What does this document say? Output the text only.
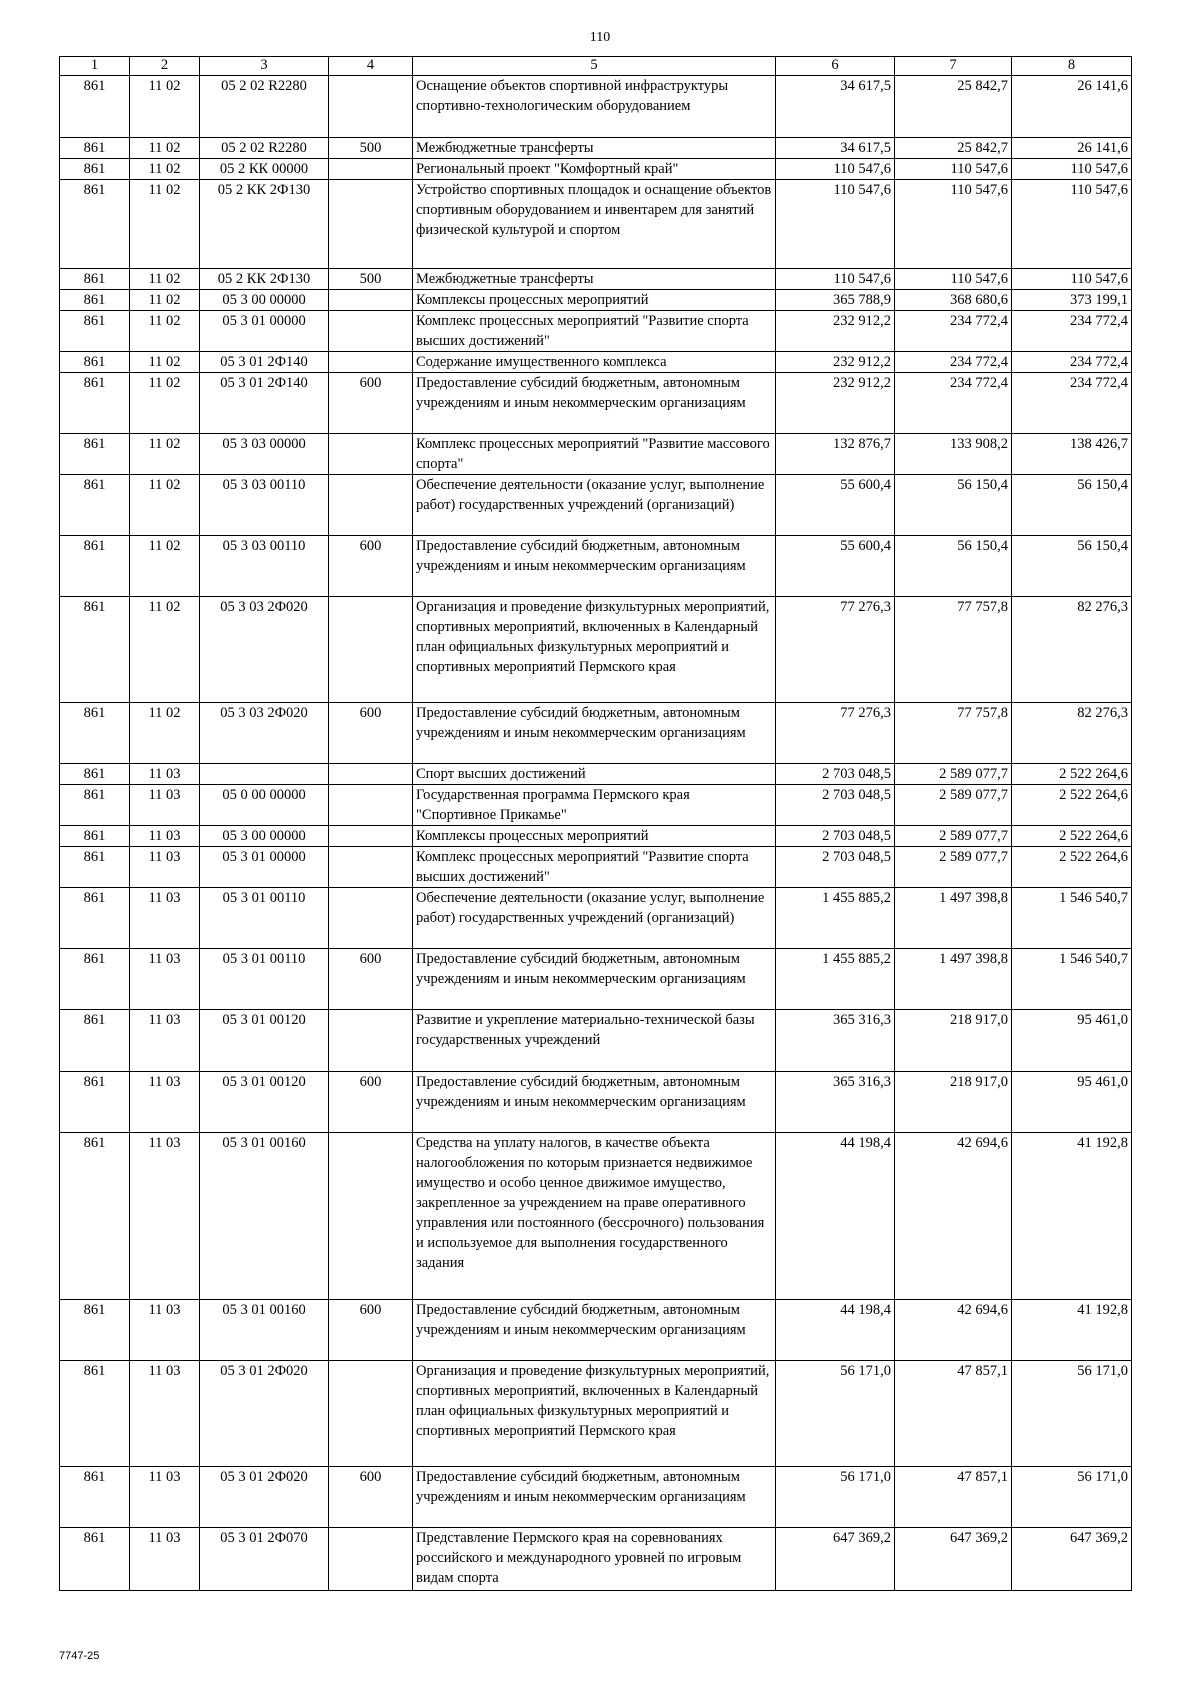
110
1	2	3	4	5	6	7	8
861	11 02	05 2 02 R2280		Оснащение объектов спортивной инфраструктуры спортивно-технологическим оборудованием	34 617,5	25 842,7	26 141,6
861	11 02	05 2 02 R2280	500	Межбюджетные трансферты	34 617,5	25 842,7	26 141,6
861	11 02	05 2 КК 00000		Региональный проект "Комфортный край"	110 547,6	110 547,6	110 547,6
861	11 02	05 2 КК 2Ф130		Устройство спортивных площадок и оснащение объектов спортивным оборудованием и инвентарем для занятий физической культурой и спортом	110 547,6	110 547,6	110 547,6
861	11 02	05 2 КК 2Ф130	500	Межбюджетные трансферты	110 547,6	110 547,6	110 547,6
861	11 02	05 3 00 00000		Комплексы процессных мероприятий	365 788,9	368 680,6	373 199,1
861	11 02	05 3 01 00000		Комплекс процессных мероприятий "Развитие спорта высших достижений"	232 912,2	234 772,4	234 772,4
861	11 02	05 3 01 2Ф140		Содержание имущественного комплекса	232 912,2	234 772,4	234 772,4
861	11 02	05 3 01 2Ф140	600	Предоставление субсидий бюджетным, автономным учреждениям и иным некоммерческим организациям	232 912,2	234 772,4	234 772,4
861	11 02	05 3 03 00000		Комплекс процессных мероприятий "Развитие массового спорта"	132 876,7	133 908,2	138 426,7
861	11 02	05 3 03 00110		Обеспечение деятельности (оказание услуг, выполнение работ) государственных учреждений (организаций)	55 600,4	56 150,4	56 150,4
861	11 02	05 3 03 00110	600	Предоставление субсидий бюджетным, автономным учреждениям и иным некоммерческим организациям	55 600,4	56 150,4	56 150,4
861	11 02	05 3 03 2Ф020		Организация и проведение физкультурных мероприятий, спортивных мероприятий, включенных в Календарный план официальных физкультурных мероприятий и спортивных мероприятий Пермского края	77 276,3	77 757,8	82 276,3
861	11 02	05 3 03 2Ф020	600	Предоставление субсидий бюджетным, автономным учреждениям и иным некоммерческим организациям	77 276,3	77 757,8	82 276,3
861	11 03			Спорт высших достижений	2 703 048,5	2 589 077,7	2 522 264,6
861	11 03	05 0 00 00000		Государственная программа Пермского края "Спортивное Прикамье"	2 703 048,5	2 589 077,7	2 522 264,6
861	11 03	05 3 00 00000		Комплексы процессных мероприятий	2 703 048,5	2 589 077,7	2 522 264,6
861	11 03	05 3 01 00000		Комплекс процессных мероприятий "Развитие спорта высших достижений"	2 703 048,5	2 589 077,7	2 522 264,6
861	11 03	05 3 01 00110		Обеспечение деятельности (оказание услуг, выполнение работ) государственных учреждений (организаций)	1 455 885,2	1 497 398,8	1 546 540,7
861	11 03	05 3 01 00110	600	Предоставление субсидий бюджетным, автономным учреждениям и иным некоммерческим организациям	1 455 885,2	1 497 398,8	1 546 540,7
861	11 03	05 3 01 00120		Развитие и укрепление материально-технической базы государственных учреждений	365 316,3	218 917,0	95 461,0
861	11 03	05 3 01 00120	600	Предоставление субсидий бюджетным, автономным учреждениям и иным некоммерческим организациям	365 316,3	218 917,0	95 461,0
861	11 03	05 3 01 00160		Средства на уплату налогов, в качестве объекта налогообложения по которым признается недвижимое имущество и особо ценное движимое имущество, закрепленное за учреждением на праве оперативного управления или постоянного (бессрочного) пользования и используемое для выполнения государственного задания	44 198,4	42 694,6	41 192,8
861	11 03	05 3 01 00160	600	Предоставление субсидий бюджетным, автономным учреждениям и иным некоммерческим организациям	44 198,4	42 694,6	41 192,8
861	11 03	05 3 01 2Ф020		Организация и проведение физкультурных мероприятий, спортивных мероприятий, включенных в Календарный план официальных физкультурных мероприятий и спортивных мероприятий Пермского края	56 171,0	47 857,1	56 171,0
861	11 03	05 3 01 2Ф020	600	Предоставление субсидий бюджетным, автономным учреждениям и иным некоммерческим организациям	56 171,0	47 857,1	56 171,0
861	11 03	05 3 01 2Ф070		Представление Пермского края на соревнованиях российского и международного уровней по игровым видам спорта	647 369,2	647 369,2	647 369,2
7747-25
